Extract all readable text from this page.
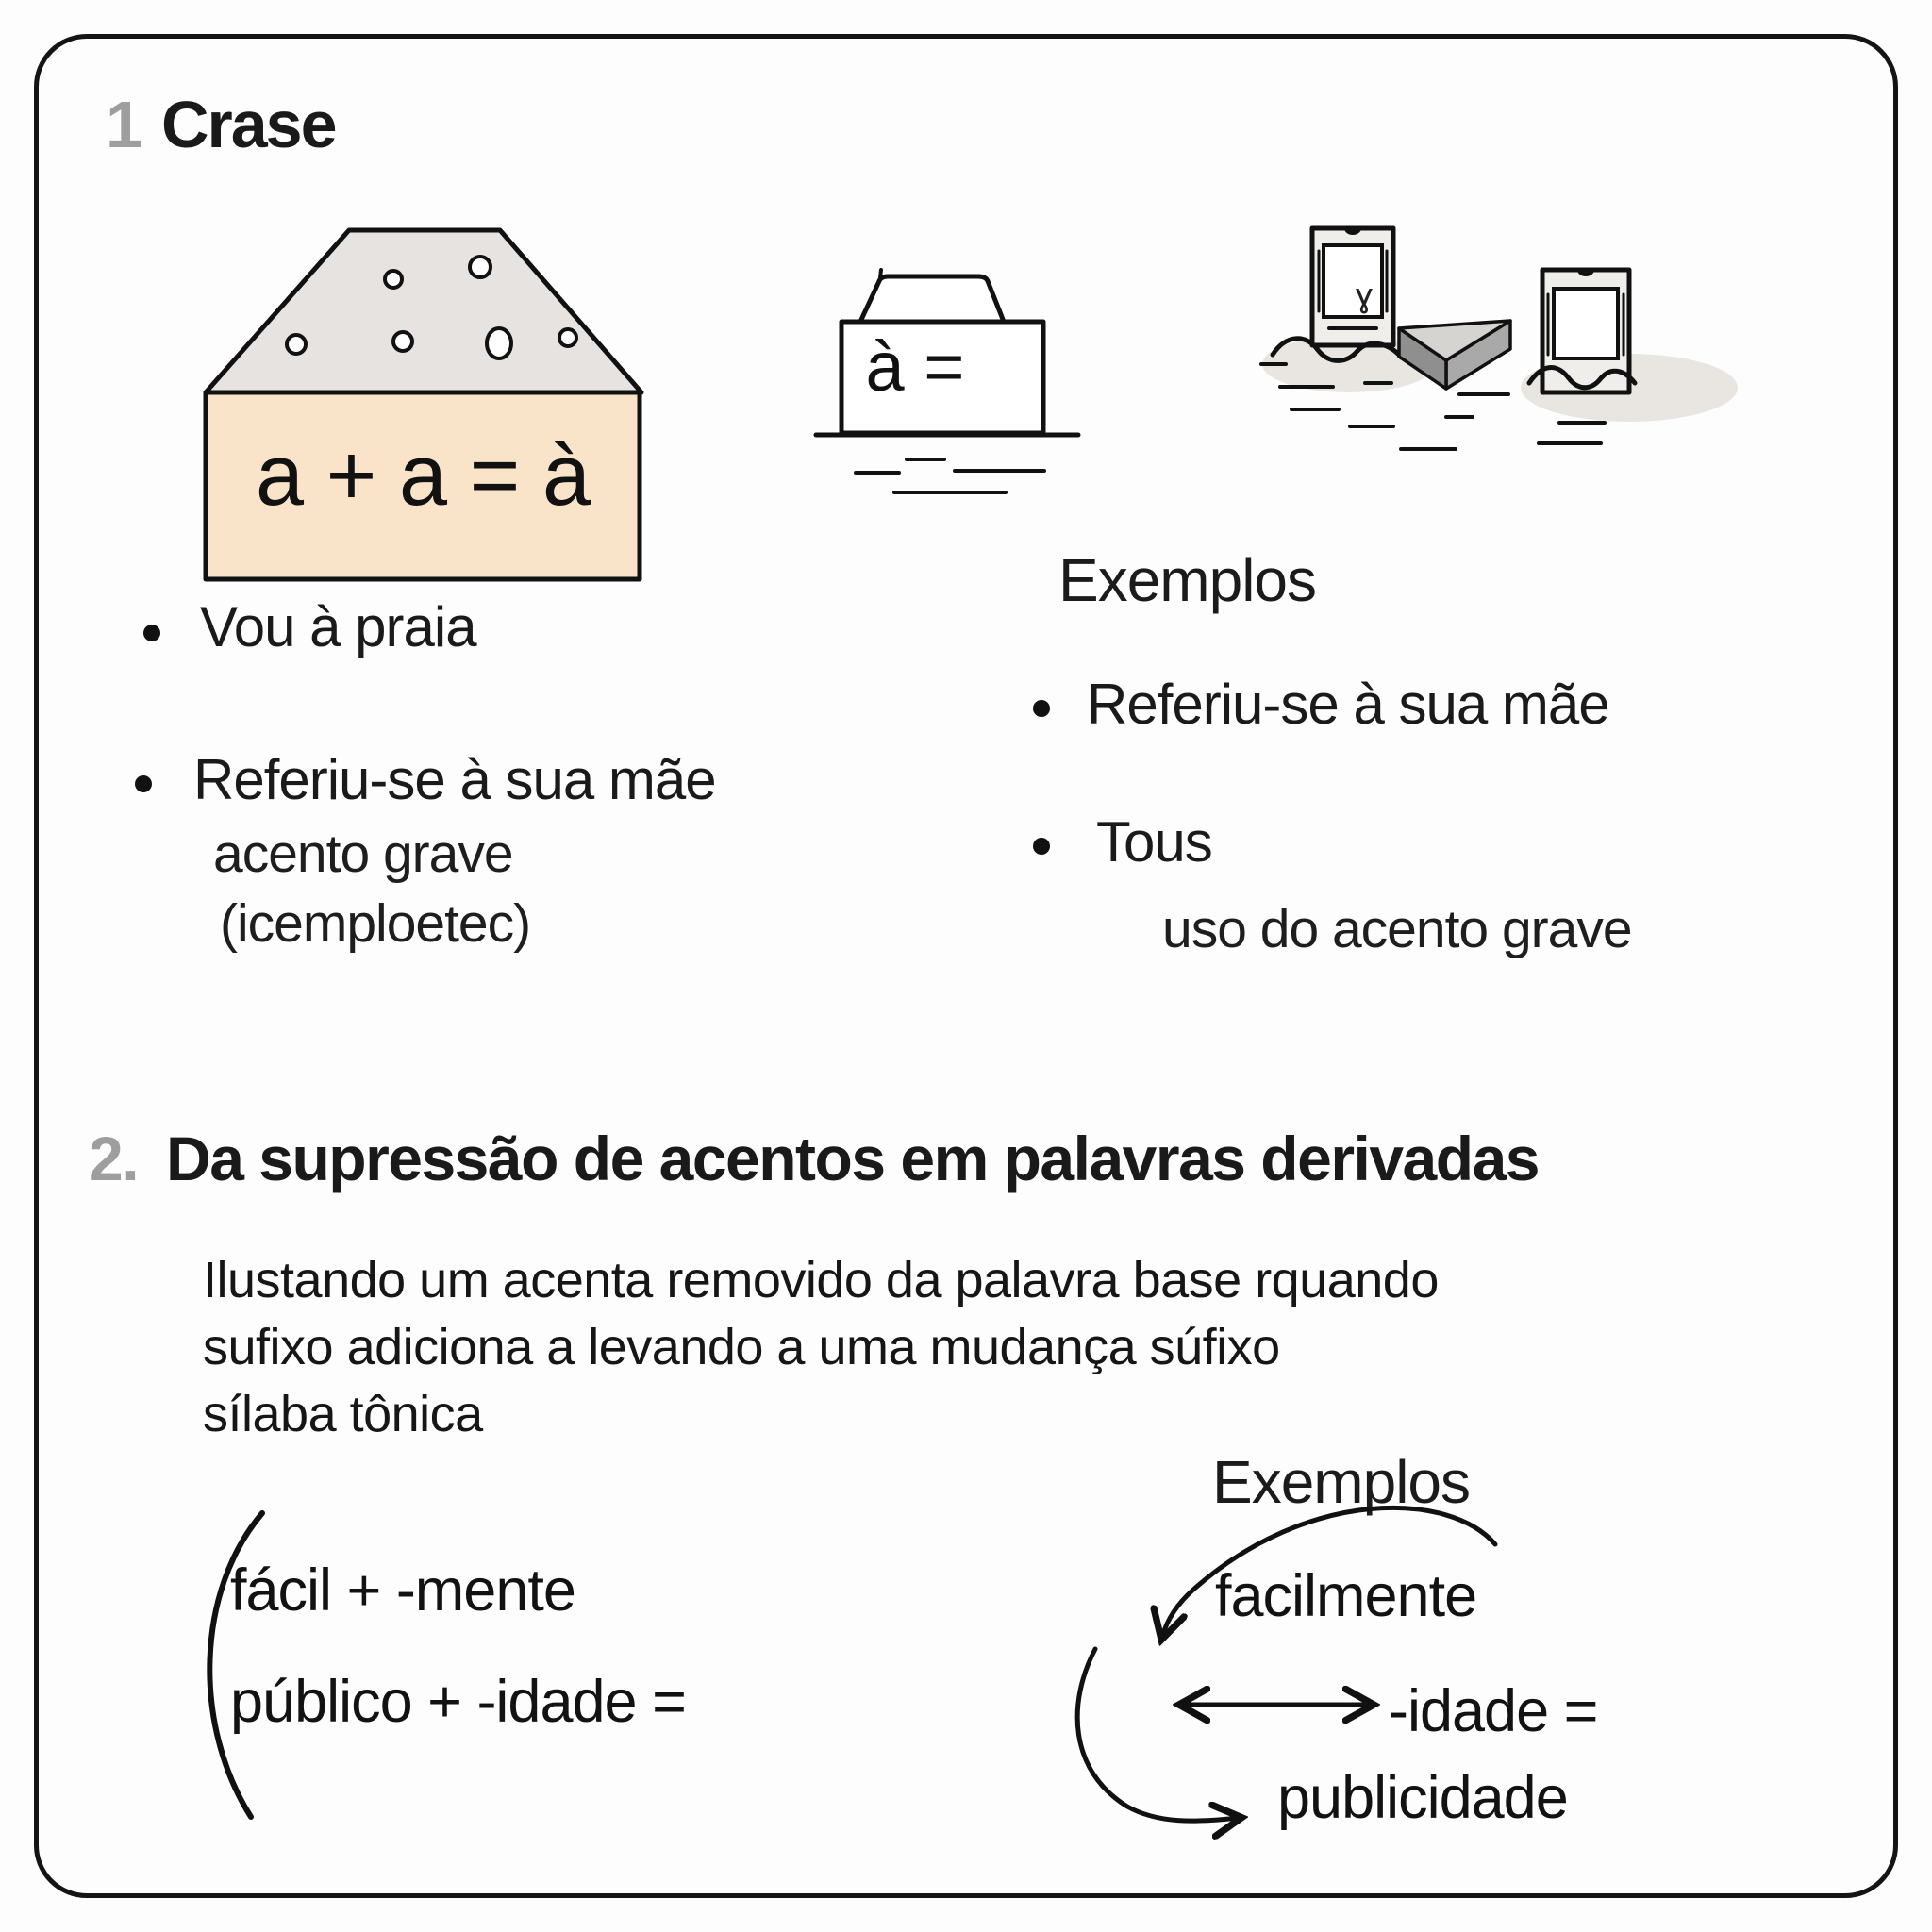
1 Crase
a + a = à
à =
ɣ
Exemplos
Vou à praia
Referiu-se à sua mãe
acento grave
(icemploetec)
Referiu-se à sua mãe
Tous
uso do acento grave
2. Da supressão de acentos em palavras derivadas
Ilustando um acenta removido da palavra base rquando
sufixo adiciona a levando a uma mudança súfixo
sílaba tônica
Exemplos
fácil + -mente
público + -idade =
facilmente
-idade =
publicidade
